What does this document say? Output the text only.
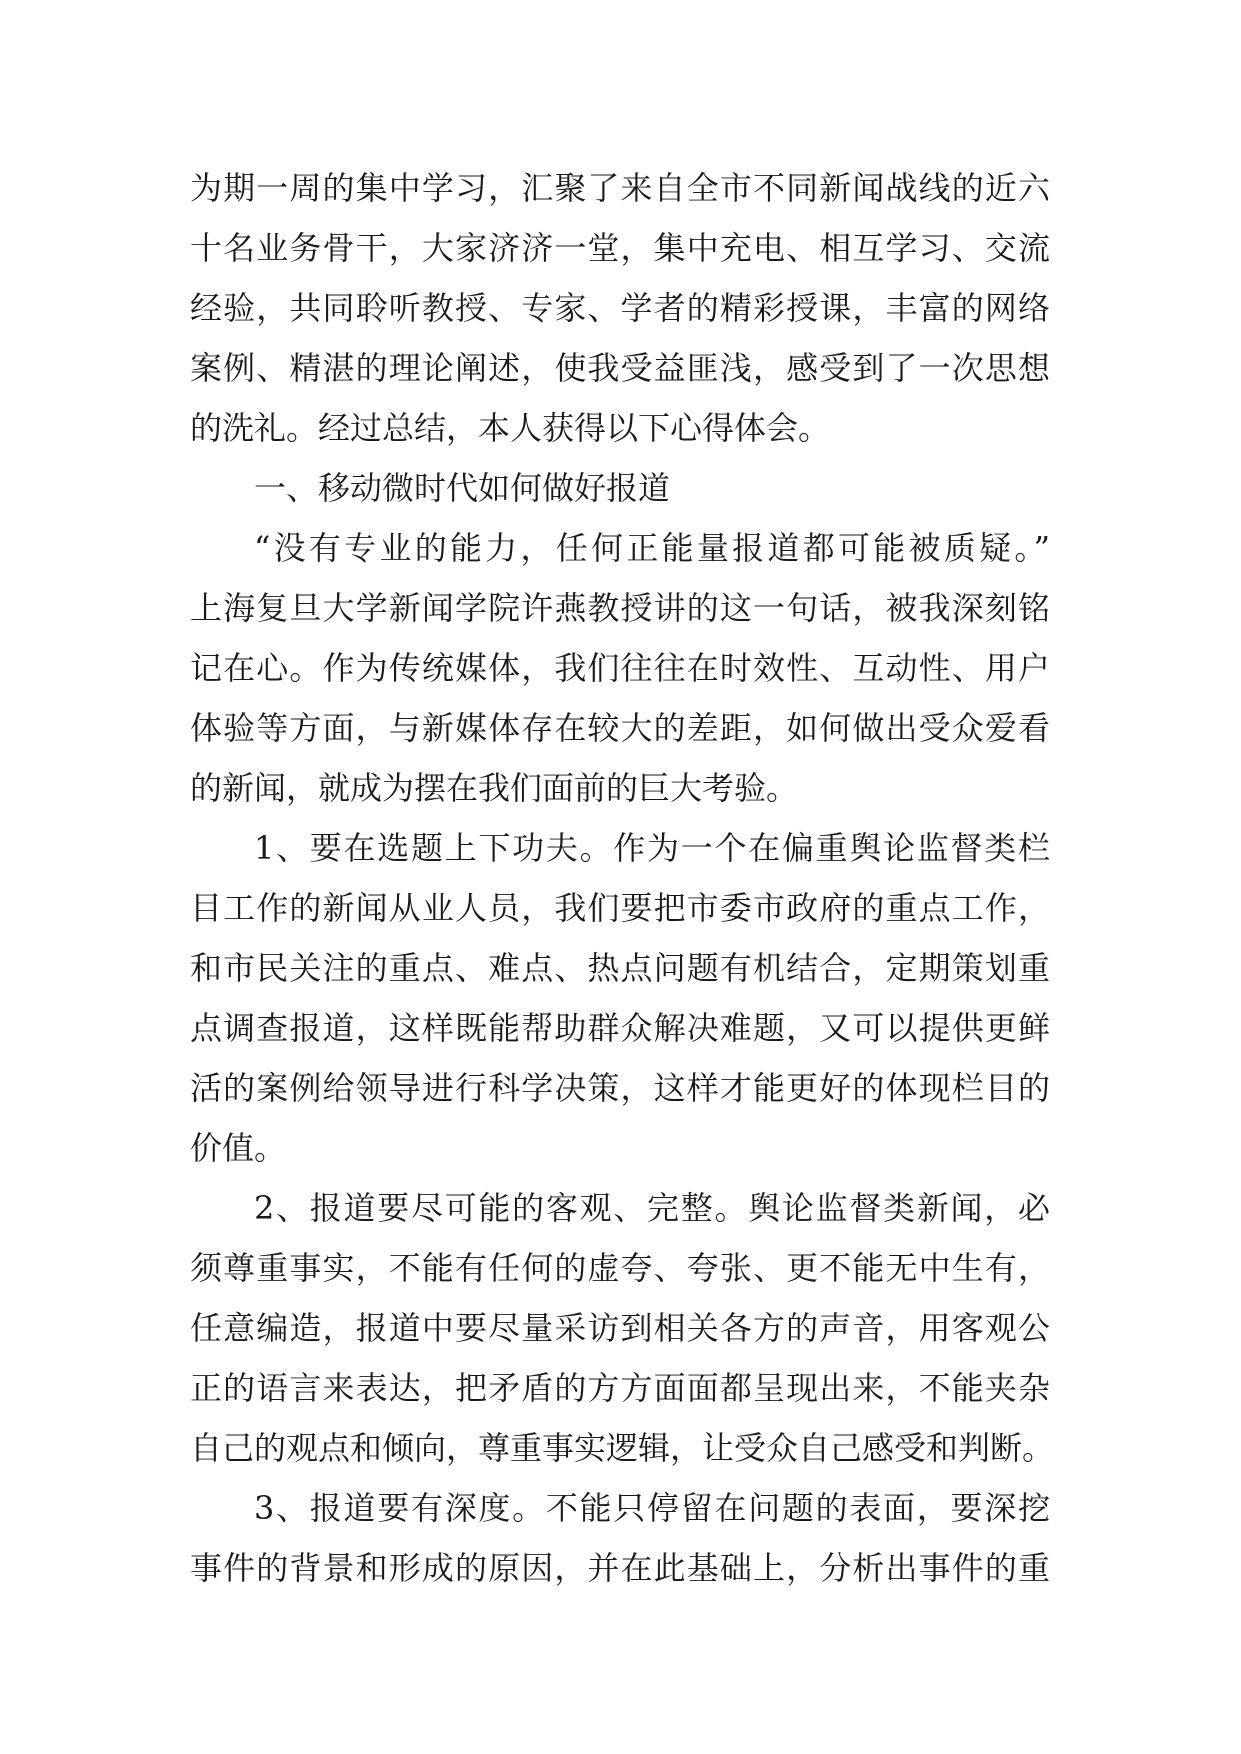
为期一周的集中学习，汇聚了来自全市不同新闻战线的近六
十名业务骨干，大家济济一堂，集中充电、相互学习、交流
经验，共同聆听教授、专家、学者的精彩授课，丰富的网络
案例、精湛的理论阐述，使我受益匪浅，感受到了一次思想
的洗礼。经过总结，本人获得以下心得体会。
一、移动微时代如何做好报道
“没有专业的能力，任何正能量报道都可能被质疑。”
上海复旦大学新闻学院许燕教授讲的这一句话，被我深刻铭
记在心。作为传统媒体，我们往往在时效性、互动性、用户
体验等方面，与新媒体存在较大的差距，如何做出受众爱看
的新闻，就成为摆在我们面前的巨大考验。
1、要在选题上下功夫。作为一个在偏重舆论监督类栏
目工作的新闻从业人员，我们要把市委市政府的重点工作，
和市民关注的重点、难点、热点问题有机结合，定期策划重
点调查报道，这样既能帮助群众解决难题，又可以提供更鲜
活的案例给领导进行科学决策，这样才能更好的体现栏目的
价值。
2、报道要尽可能的客观、完整。舆论监督类新闻，必
须尊重事实，不能有任何的虚夸、夸张、更不能无中生有，
任意编造，报道中要尽量采访到相关各方的声音，用客观公
正的语言来表达，把矛盾的方方面面都呈现出来，不能夹杂
自己的观点和倾向，尊重事实逻辑，让受众自己感受和判断。
3、报道要有深度。不能只停留在问题的表面，要深挖
事件的背景和形成的原因，并在此基础上，分析出事件的重
